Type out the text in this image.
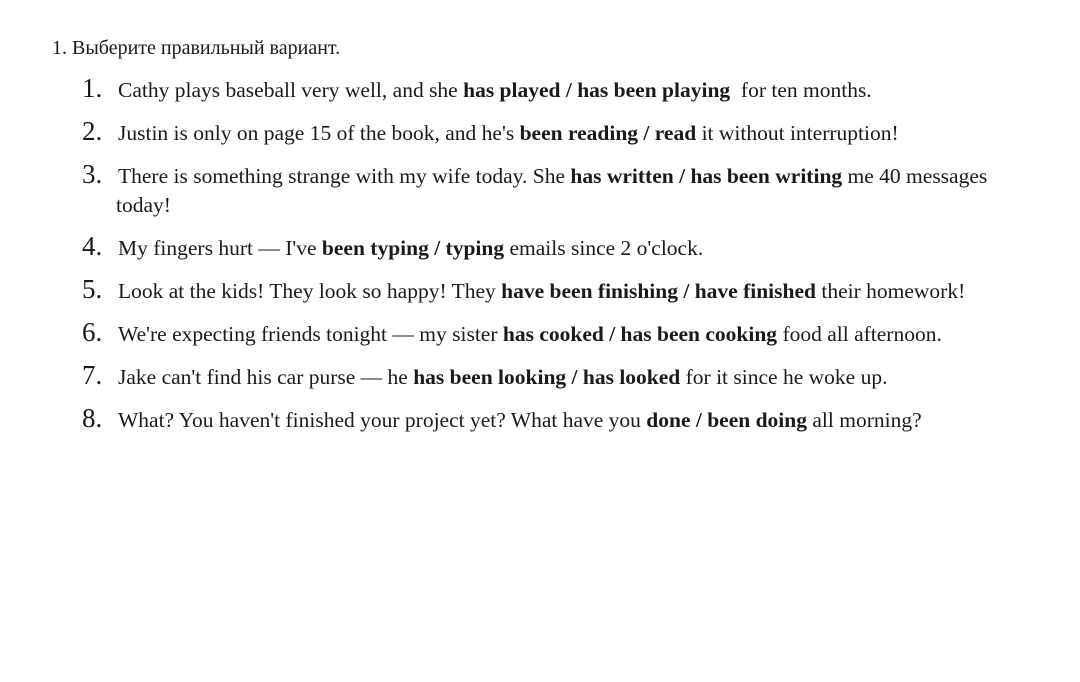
1. Выберите правильный вариант.
1. Cathy plays baseball very well, and she has played / has been playing  for ten months.
2. Justin is only on page 15 of the book, and he's been reading / read it without interruption!
3. There is something strange with my wife today. She has written / has been writing me 40 messages today!
4. My fingers hurt — I've been typing / typing emails since 2 o'clock.
5. Look at the kids! They look so happy! They have been finishing / have finished their homework!
6. We're expecting friends tonight — my sister has cooked / has been cooking food all afternoon.
7. Jake can't find his car purse — he has been looking / has looked for it since he woke up.
8. What? You haven't finished your project yet? What have you done / been doing all morning?
